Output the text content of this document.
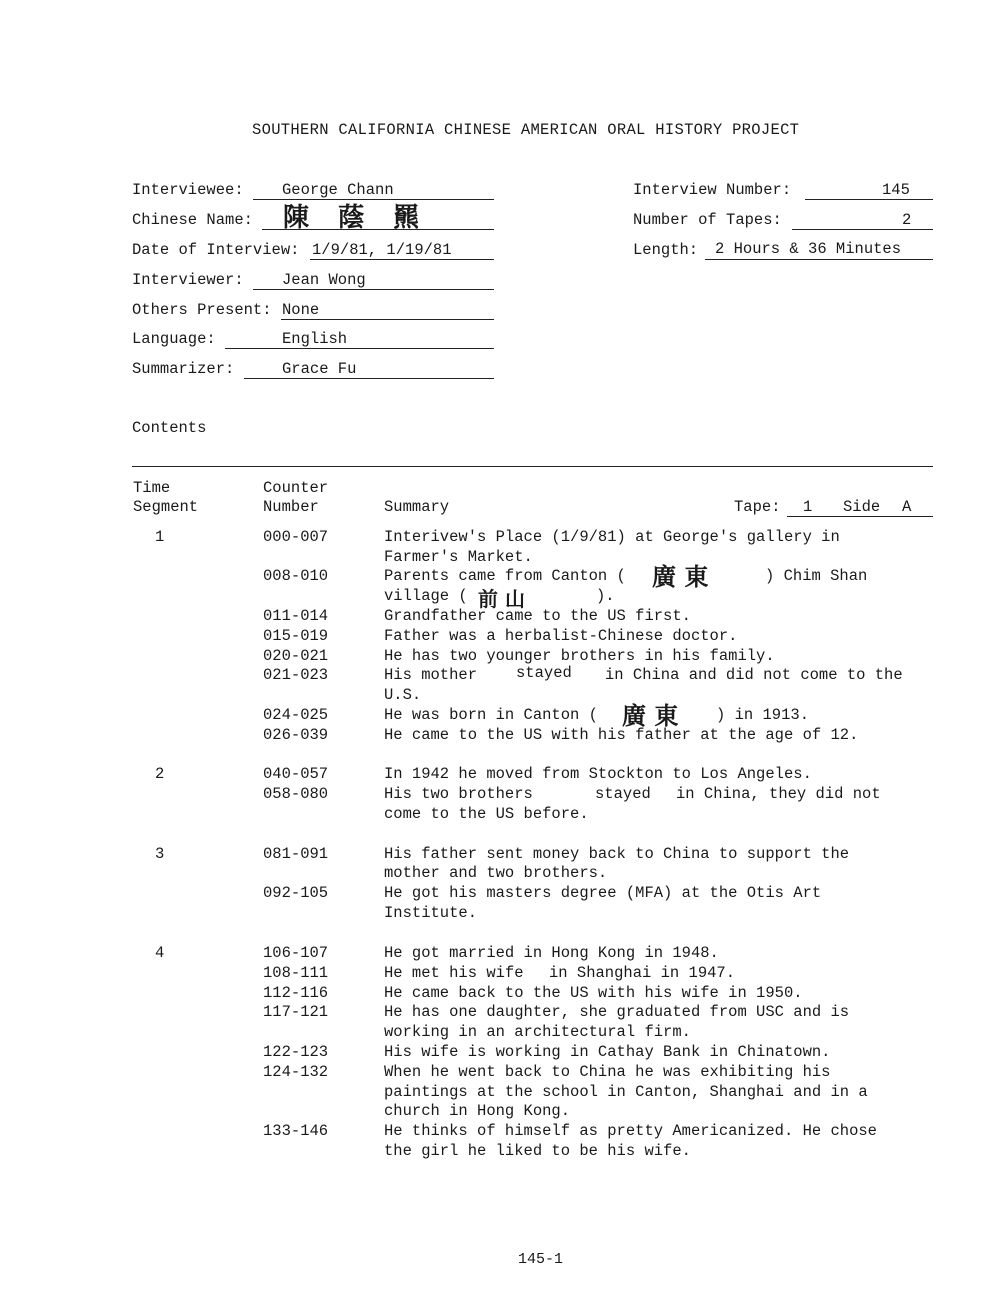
SOUTHERN CALIFORNIA CHINESE AMERICAN ORAL HISTORY PROJECT
Interviewee: George Chann
Chinese Name: 陳 蔭 羆
Date of Interview: 1/9/81, 1/19/81
Interviewer: Jean Wong
Others Present: None
Language:	English
Summarizer:	Grace Fu
Interview Number:	145
Number of Tapes:	2
Length: 2 Hours & 36 Minutes
Contents
Time
Segment
Counter
Number	Summary	Tape: 1 Side A
1	000-007	Interivew's Place (1/9/81) at George's gallery in
Farmer's Market.
008-010	Parents came from Canton ( 廣 東	) Chim Shan
village ( 前 山	).
011-014	Grandfather came to the US first.
015-019	Father was a herbalist-Chinese doctor.
020-021	He has two younger brothers in his family.
021-023	His mother	stayed in China and did not come to the
U.S.
024-025	He was born in Canton ( 廣 東 ) in 1913.
026-039	He came to the US with his father at the age of 12.
2	040-057	In 1942 he moved from Stockton to Los Angeles.
058-080	His two brothers	stayed in China, they did not
come to the US before.
3	081-091	His father sent money back to China to support the
mother and two brothers.
092-105	He got his masters degree (MFA) at the Otis Art
Institute.
4	106-107	He got married in Hong Kong in 1948.
108-111	He met his wife in Shanghai in 1947.
112-116	He came back to the US with his wife in 1950.
117-121	He has one daughter, she graduated from USC and is
working in an architectural firm.
122-123	His wife is working in Cathay Bank in Chinatown.
124-132	When he went back to China he was exhibiting his
paintings at the school in Canton, Shanghai and in a
church in Hong Kong.
133-146	He thinks of himself as pretty Americanized. He chose
the girl he liked to be his wife.
145-1
